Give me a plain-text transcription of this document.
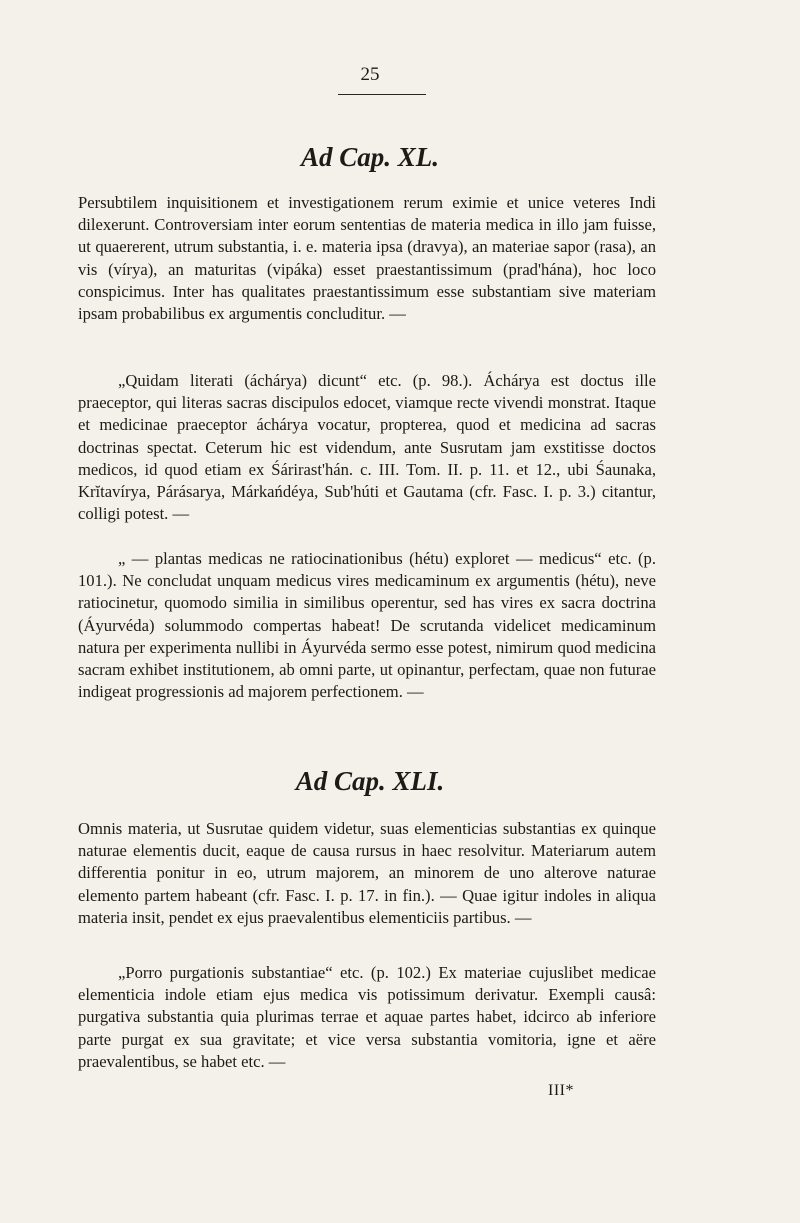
25
Ad Cap. XL.

Persubtilem inquisitionem et investigationem rerum eximie et unice veteres Indi dilexerunt. Controversiam inter eorum sententias de materia medica in illo jam fuisse, ut quaererent, utrum substantia, i. e. materia ipsa (dravya), an materiae sapor (rasa), an vis (vírya), an maturitas (vipáka) esset praestantissimum (prad'hána), hoc loco conspicimus. Inter has qualitates praestantissimum esse substantiam sive materiam ipsam probabilibus ex argumentis concluditur. —

„Quidam literati (áchárya) dicunt“ etc. (p. 98.). Áchárya est doctus ille praeceptor, qui literas sacras discipulos edocet, viamque recte vivendi monstrat. Itaque et medicinae praeceptor áchárya vocatur, propterea, quod et medicina ad sacras doctrinas spectat. Ceterum hic est videndum, ante Susrutam jam exstitisse doctos medicos, id quod etiam ex Śárirast'hán. c. III. Tom. II. p. 11. et 12., ubi Śaunaka, Krĭtavírya, Párásarya, Márkańdéya, Sub'húti et Gautama (cfr. Fasc. I. p. 3.) citantur, colligi potest. —

„ — plantas medicas ne ratiocinationibus (hétu) exploret — medicus“ etc. (p. 101.). Ne concludat unquam medicus vires medicaminum ex argumentis (hétu), neve ratiocinetur, quomodo similia in similibus operentur, sed has vires ex sacra doctrina (Áyurvéda) solummodo compertas habeat! De scrutanda videlicet medicaminum natura per experimenta nullibi in Áyurvéda sermo esse potest, nimirum quod medicina sacram exhibet institutionem, ab omni parte, ut opinantur, perfectam, quae non futurae indigeat progressionis ad majorem perfectionem. —

Ad Cap. XLI.

Omnis materia, ut Susrutae quidem videtur, suas elementicias substantias ex quinque naturae elementis ducit, eaque de causa rursus in haec resolvitur. Materiarum autem differentia ponitur in eo, utrum majorem, an minorem de uno alterove naturae elemento partem habeant (cfr. Fasc. I. p. 17. in fin.). — Quae igitur indoles in aliqua materia insit, pendet ex ejus praevalentibus elementiciis partibus. —

„Porro purgationis substantiae“ etc. (p. 102.) Ex materiae cujuslibet medicae elementicia indole etiam ejus medica vis potissimum derivatur. Exempli causâ: purgativa substantia quia plurimas terrae et aquae partes habet, idcirco ab inferiore parte purgat ex sua gravitate; et vice versa substantia vomitoria, igne et aëre praevalentibus, se habet etc. —

III*
